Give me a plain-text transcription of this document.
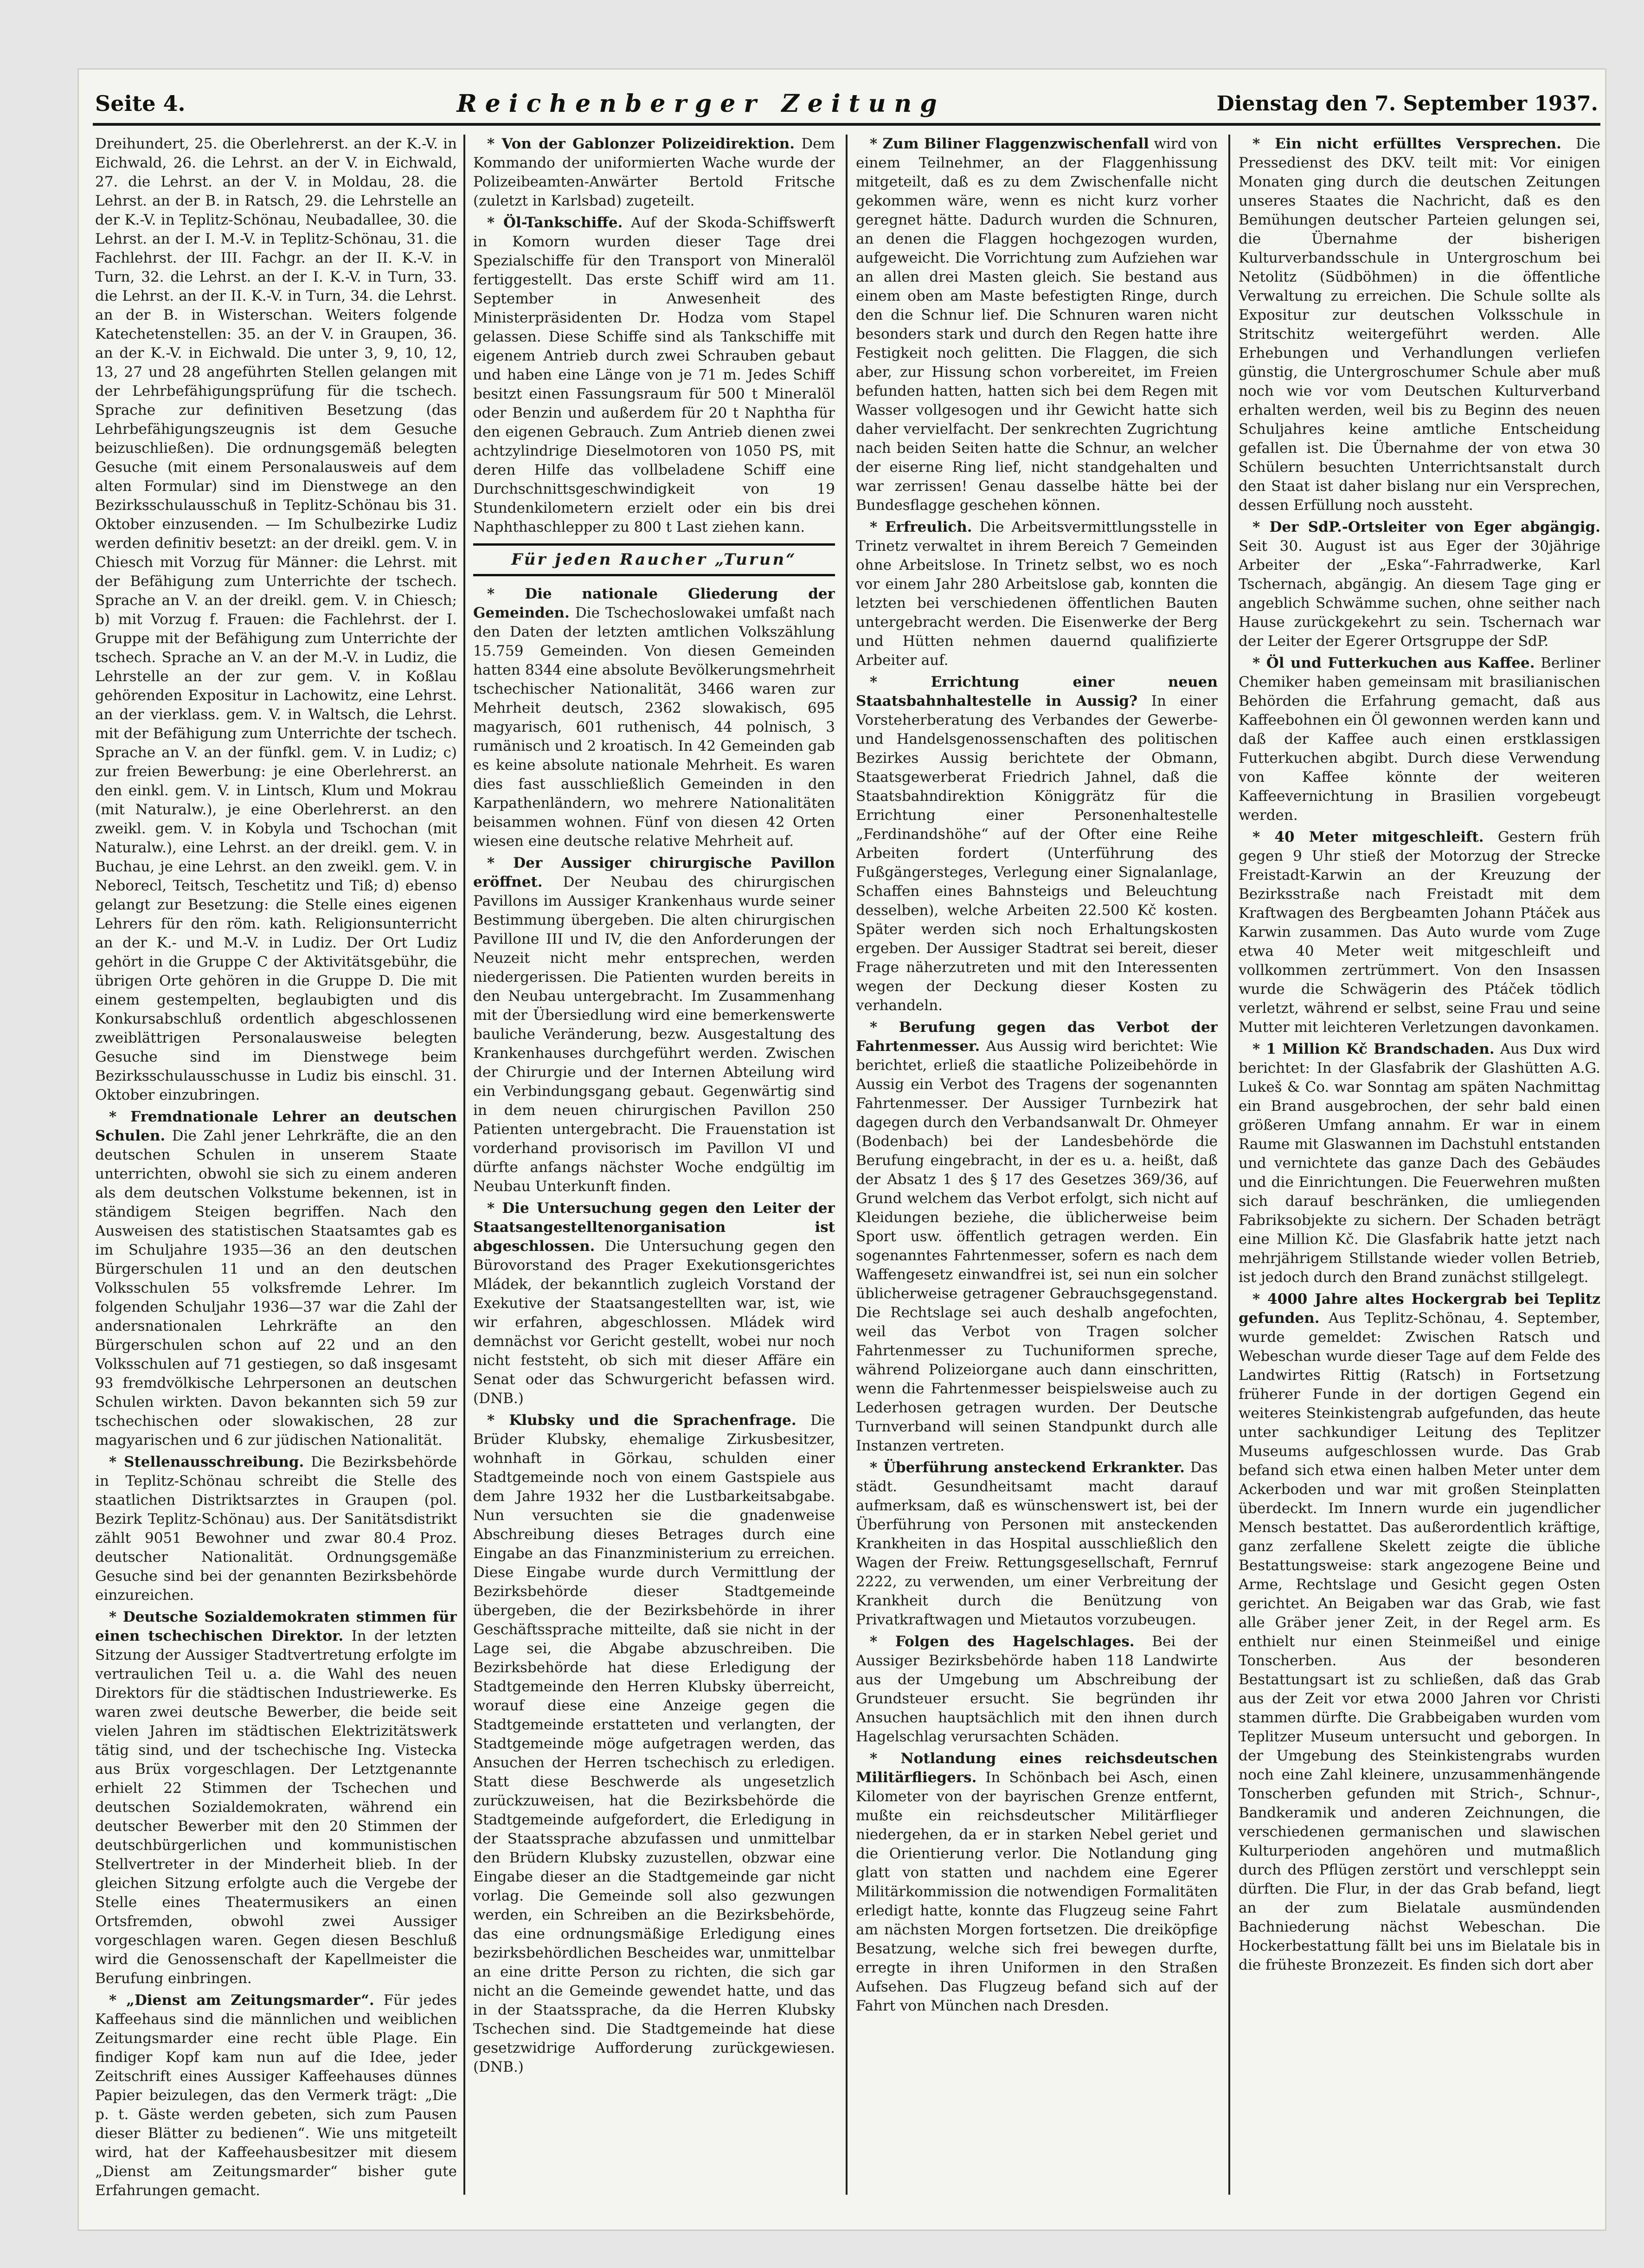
Seite 4.	Reichenberger Zeitung	Dienstag den 7. September 1937.

Dreihundert, 25. die Oberlehrerst. an der K.-V. in Eichwald, 26. die Lehrst. an der V. in Eichwald, 27. die Lehrst. an der V. in Moldau, 28. die Lehrst. an der B. in Ratsch, 29. die Lehrstelle an der K.-V. in Teplitz-Schönau, Neubadallee, 30. die Lehrst. an der I. M.-V. in Teplitz-Schönau, 31. die Fachlehrst. der III. Fachgr. an der II. K.-V. in Turn, 32. die Lehrst. an der I. K.-V. in Turn, 33. die Lehrst. an der II. K.-V. in Turn, 34. die Lehrst. an der B. in Wisterschan. Weiters folgende Katechetenstellen: 35. an der V. in Graupen, 36. an der K.-V. in Eichwald. Die unter 3, 9, 10, 12, 13, 27 und 28 angeführten Stellen gelangen mit der Lehrbefähigungsprüfung für die tschech. Sprache zur definitiven Besetzung (das Lehrbefähigungszeugnis ist dem Gesuche beizuschließen). Die ordnungsgemäß belegten Gesuche (mit einem Personalausweis auf dem alten Formular) sind im Dienstwege an den Bezirksschulausschuß in Teplitz-Schönau bis 31. Oktober einzusenden. — Im Schulbezirke Ludiz werden definitiv besetzt: an der dreikl. gem. V. in Chiesch mit Vorzug für Männer: die Lehrst. mit der Befähigung zum Unterrichte der tschech. Sprache an V. an der dreikl. gem. V. in Chiesch; b) mit Vorzug f. Frauen: die Fachlehrst. der I. Gruppe mit der Befähigung zum Unterrichte der tschech. Sprache an V. an der M.-V. in Ludiz, die Lehrstelle an der zur gem. V. in Koßlau gehörenden Expositur in Lachowitz, eine Lehrst. an der vierklass. gem. V. in Waltsch, die Lehrst. mit der Befähigung zum Unterrichte der tschech. Sprache an V. an der fünfkl. gem. V. in Ludiz; c) zur freien Bewerbung: je eine Oberlehrerst. an den einkl. gem. V. in Lintsch, Klum und Mokrau (mit Naturalw.), je eine Oberlehrerst. an den zweikl. gem. V. in Kobyla und Tschochan (mit Naturalw.), eine Lehrst. an der dreikl. gem. V. in Buchau, je eine Lehrst. an den zweikl. gem. V. in Neborecl, Teitsch, Teschetitz und Tiß; d) ebenso gelangt zur Besetzung: die Stelle eines eigenen Lehrers für den röm. kath. Religionsunterricht an der K.- und M.-V. in Ludiz. Der Ort Ludiz gehört in die Gruppe C der Aktivitätsgebühr, die übrigen Orte gehören in die Gruppe D. Die mit einem gestempelten, beglaubigten und dis Konkursabschluß ordentlich abgeschlossenen zweiblättrigen Personalausweise belegten Gesuche sind im Dienstwege beim Bezirksschulausschusse in Ludiz bis einschl. 31. Oktober einzubringen.

* Fremdnationale Lehrer an deutschen Schulen. Die Zahl jener Lehrkräfte, die an den deutschen Schulen in unserem Staate unterrichten, obwohl sie sich zu einem anderen als dem deutschen Volkstume bekennen, ist in ständigem Steigen begriffen. Nach den Ausweisen des statistischen Staatsamtes gab es im Schuljahre 1935—36 an den deutschen Bürgerschulen 11 und an den deutschen Volksschulen 55 volksfremde Lehrer. Im folgenden Schuljahr 1936—37 war die Zahl der andersnationalen Lehrkräfte an den Bürgerschulen schon auf 22 und an den Volksschulen auf 71 gestiegen, so daß insgesamt 93 fremdvölkische Lehrpersonen an deutschen Schulen wirkten. Davon bekannten sich 59 zur tschechischen oder slowakischen, 28 zur magyarischen und 6 zur jüdischen Nationalität.

* Stellenausschreibung. Die Bezirksbehörde in Teplitz-Schönau schreibt die Stelle des staatlichen Distriktsarztes in Graupen (pol. Bezirk Teplitz-Schönau) aus. Der Sanitätsdistrikt zählt 9051 Bewohner und zwar 80.4 Proz. deutscher Nationalität. Ordnungsgemäße Gesuche sind bei der genannten Bezirksbehörde einzureichen.

* Deutsche Sozialdemokraten stimmen für einen tschechischen Direktor. In der letzten Sitzung der Aussiger Stadtvertretung erfolgte im vertraulichen Teil u. a. die Wahl des neuen Direktors für die städtischen Industriewerke. Es waren zwei deutsche Bewerber, die beide seit vielen Jahren im städtischen Elektrizitätswerk tätig sind, und der tschechische Ing. Vistecka aus Brüx vorgeschlagen. Der Letztgenannte erhielt 22 Stimmen der Tschechen und deutschen Sozialdemokraten, während ein deutscher Bewerber mit den 20 Stimmen der deutschbürgerlichen und kommunistischen Stellvertreter in der Minderheit blieb. In der gleichen Sitzung erfolgte auch die Vergebe der Stelle eines Theatermusikers an einen Ortsfremden, obwohl zwei Aussiger vorgeschlagen waren. Gegen diesen Beschluß wird die Genossenschaft der Kapellmeister die Berufung einbringen.

* „Dienst am Zeitungsmarder“. Für jedes Kaffeehaus sind die männlichen und weiblichen Zeitungsmarder eine recht üble Plage. Ein findiger Kopf kam nun auf die Idee, jeder Zeitschrift eines Aussiger Kaffeehauses dünnes Papier beizulegen, das den Vermerk trägt: „Die p. t. Gäste werden gebeten, sich zum Pausen dieser Blätter zu bedienen“. Wie uns mitgeteilt wird, hat der Kaffeehausbesitzer mit diesem „Dienst am Zeitungsmarder“ bisher gute Erfahrungen gemacht.

* Von der Gablonzer Polizeidirektion. Dem Kommando der uniformierten Wache wurde der Polizeibeamten-Anwärter Bertold Fritsche (zuletzt in Karlsbad) zugeteilt.

* Öl-Tankschiffe. Auf der Skoda-Schiffswerft in Komorn wurden dieser Tage drei Spezialschiffe für den Transport von Mineralöl fertiggestellt. Das erste Schiff wird am 11. September in Anwesenheit des Ministerpräsidenten Dr. Hodza vom Stapel gelassen. Diese Schiffe sind als Tankschiffe mit eigenem Antrieb durch zwei Schrauben gebaut und haben eine Länge von je 71 m. Jedes Schiff besitzt einen Fassungsraum für 500 t Mineralöl oder Benzin und außerdem für 20 t Naphtha für den eigenen Gebrauch. Zum Antrieb dienen zwei achtzylindrige Dieselmotoren von 1050 PS, mit deren Hilfe das vollbeladene Schiff eine Durchschnittsgeschwindigkeit von 19 Stundenkilometern erzielt oder ein bis drei Naphthaschlepper zu 800 t Last ziehen kann.

Für jeden Raucher „Turun“

* Die nationale Gliederung der Gemeinden. Die Tschechoslowakei umfaßt nach den Daten der letzten amtlichen Volkszählung 15.759 Gemeinden. Von diesen Gemeinden hatten 8344 eine absolute Bevölkerungsmehrheit tschechischer Nationalität, 3466 waren zur Mehrheit deutsch, 2362 slowakisch, 695 magyarisch, 601 ruthenisch, 44 polnisch, 3 rumänisch und 2 kroatisch. In 42 Gemeinden gab es keine absolute nationale Mehrheit. Es waren dies fast ausschließlich Gemeinden in den Karpathenländern, wo mehrere Nationalitäten beisammen wohnen. Fünf von diesen 42 Orten wiesen eine deutsche relative Mehrheit auf.

* Der Aussiger chirurgische Pavillon eröffnet. Der Neubau des chirurgischen Pavillons im Aussiger Krankenhaus wurde seiner Bestimmung übergeben. Die alten chirurgischen Pavillone III und IV, die den Anforderungen der Neuzeit nicht mehr entsprechen, werden niedergerissen. Die Patienten wurden bereits in den Neubau untergebracht. Im Zusammenhang mit der Übersiedlung wird eine bemerkenswerte bauliche Veränderung, bezw. Ausgestaltung des Krankenhauses durchgeführt werden. Zwischen der Chirurgie und der Internen Abteilung wird ein Verbindungsgang gebaut. Gegenwärtig sind in dem neuen chirurgischen Pavillon 250 Patienten untergebracht. Die Frauenstation ist vorderhand provisorisch im Pavillon VI und dürfte anfangs nächster Woche endgültig im Neubau Unterkunft finden.

* Die Untersuchung gegen den Leiter der Staatsangestelltenorganisation ist abgeschlossen. Die Untersuchung gegen den Bürovorstand des Prager Exekutionsgerichtes Mládek, der bekanntlich zugleich Vorstand der Exekutive der Staatsangestellten war, ist, wie wir erfahren, abgeschlossen. Mládek wird demnächst vor Gericht gestellt, wobei nur noch nicht feststeht, ob sich mit dieser Affäre ein Senat oder das Schwurgericht befassen wird. (DNB.)

* Klubsky und die Sprachenfrage. Die Brüder Klubsky, ehemalige Zirkusbesitzer, wohnhaft in Görkau, schulden einer Stadtgemeinde noch von einem Gastspiele aus dem Jahre 1932 her die Lustbarkeitsabgabe. Nun versuchten sie die gnadenweise Abschreibung dieses Betrages durch eine Eingabe an das Finanzministerium zu erreichen. Diese Eingabe wurde durch Vermittlung der Bezirksbehörde dieser Stadtgemeinde übergeben, die der Bezirksbehörde in ihrer Geschäftssprache mitteilte, daß sie nicht in der Lage sei, die Abgabe abzuschreiben. Die Bezirksbehörde hat diese Erledigung der Stadtgemeinde den Herren Klubsky überreicht, worauf diese eine Anzeige gegen die Stadtgemeinde erstatteten und verlangten, der Stadtgemeinde möge aufgetragen werden, das Ansuchen der Herren tschechisch zu erledigen. Statt diese Beschwerde als ungesetzlich zurückzuweisen, hat die Bezirksbehörde die Stadtgemeinde aufgefordert, die Erledigung in der Staatssprache abzufassen und unmittelbar den Brüdern Klubsky zuzustellen, obzwar eine Eingabe dieser an die Stadtgemeinde gar nicht vorlag. Die Gemeinde soll also gezwungen werden, ein Schreiben an die Bezirksbehörde, das eine ordnungsmäßige Erledigung eines bezirksbehördlichen Bescheides war, unmittelbar an eine dritte Person zu richten, die sich gar nicht an die Gemeinde gewendet hatte, und das in der Staatssprache, da die Herren Klubsky Tschechen sind. Die Stadtgemeinde hat diese gesetzwidrige Aufforderung zurückgewiesen. (DNB.)

* Zum Biliner Flaggenzwischenfall wird von einem Teilnehmer, an der Flaggenhissung mitgeteilt, daß es zu dem Zwischenfalle nicht gekommen wäre, wenn es nicht kurz vorher geregnet hätte. Dadurch wurden die Schnuren, an denen die Flaggen hochgezogen wurden, aufgeweicht. Die Vorrichtung zum Aufziehen war an allen drei Masten gleich. Sie bestand aus einem oben am Maste befestigten Ringe, durch den die Schnur lief. Die Schnuren waren nicht besonders stark und durch den Regen hatte ihre Festigkeit noch gelitten. Die Flaggen, die sich aber, zur Hissung schon vorbereitet, im Freien befunden hatten, hatten sich bei dem Regen mit Wasser vollgesogen und ihr Gewicht hatte sich daher vervielfacht. Der senkrechten Zugrichtung nach beiden Seiten hatte die Schnur, an welcher der eiserne Ring lief, nicht standgehalten und war zerrissen! Genau dasselbe hätte bei der Bundesflagge geschehen können.

* Erfreulich. Die Arbeitsvermittlungsstelle in Trinetz verwaltet in ihrem Bereich 7 Gemeinden ohne Arbeitslose. In Trinetz selbst, wo es noch vor einem Jahr 280 Arbeitslose gab, konnten die letzten bei verschiedenen öffentlichen Bauten untergebracht werden. Die Eisenwerke der Berg und Hütten nehmen dauernd qualifizierte Arbeiter auf.

* Errichtung einer neuen Staatsbahnhaltestelle in Aussig? In einer Vorsteherberatung des Verbandes der Gewerbe- und Handelsgenossenschaften des politischen Bezirkes Aussig berichtete der Obmann, Staatsgewerberat Friedrich Jahnel, daß die Staatsbahndirektion Königgrätz für die Errichtung einer Personenhaltestelle „Ferdinandshöhe“ auf der Ofter eine Reihe Arbeiten fordert (Unterführung des Fußgängersteges, Verlegung einer Signalanlage, Schaffen eines Bahnsteigs und Beleuchtung desselben), welche Arbeiten 22.500 Kč kosten. Später werden sich noch Erhaltungskosten ergeben. Der Aussiger Stadtrat sei bereit, dieser Frage näherzutreten und mit den Interessenten wegen der Deckung dieser Kosten zu verhandeln.

* Berufung gegen das Verbot der Fahrtenmesser. Aus Aussig wird berichtet: Wie berichtet, erließ die staatliche Polizeibehörde in Aussig ein Verbot des Tragens der sogenannten Fahrtenmesser. Der Aussiger Turnbezirk hat dagegen durch den Verbandsanwalt Dr. Ohmeyer (Bodenbach) bei der Landesbehörde die Berufung eingebracht, in der es u. a. heißt, daß der Absatz 1 des § 17 des Gesetzes 369/36, auf Grund welchem das Verbot erfolgt, sich nicht auf Kleidungen beziehe, die üblicherweise beim Sport usw. öffentlich getragen werden. Ein sogenanntes Fahrtenmesser, sofern es nach dem Waffengesetz einwandfrei ist, sei nun ein solcher üblicherweise getragener Gebrauchsgegenstand. Die Rechtslage sei auch deshalb angefochten, weil das Verbot von Tragen solcher Fahrtenmesser zu Tuchuniformen spreche, während Polizeiorgane auch dann einschritten, wenn die Fahrtenmesser beispielsweise auch zu Lederhosen getragen wurden. Der Deutsche Turnverband will seinen Standpunkt durch alle Instanzen vertreten.

* Überführung ansteckend Erkrankter. Das städt. Gesundheitsamt macht darauf aufmerksam, daß es wünschenswert ist, bei der Überführung von Personen mit ansteckenden Krankheiten in das Hospital ausschließlich den Wagen der Freiw. Rettungsgesellschaft, Fernruf 2222, zu verwenden, um einer Verbreitung der Krankheit durch die Benützung von Privatkraftwagen und Mietautos vorzubeugen.

* Folgen des Hagelschlages. Bei der Aussiger Bezirksbehörde haben 118 Landwirte aus der Umgebung um Abschreibung der Grundsteuer ersucht. Sie begründen ihr Ansuchen hauptsächlich mit den ihnen durch Hagelschlag verursachten Schäden.

* Notlandung eines reichsdeutschen Militärfliegers. In Schönbach bei Asch, einen Kilometer von der bayrischen Grenze entfernt, mußte ein reichsdeutscher Militärflieger niedergehen, da er in starken Nebel geriet und die Orientierung verlor. Die Notlandung ging glatt von statten und nachdem eine Egerer Militärkommission die notwendigen Formalitäten erledigt hatte, konnte das Flugzeug seine Fahrt am nächsten Morgen fortsetzen. Die dreiköpfige Besatzung, welche sich frei bewegen durfte, erregte in ihren Uniformen in den Straßen Aufsehen. Das Flugzeug befand sich auf der Fahrt von München nach Dresden.

* Ein nicht erfülltes Versprechen. Die Pressedienst des DKV. teilt mit: Vor einigen Monaten ging durch die deutschen Zeitungen unseres Staates die Nachricht, daß es den Bemühungen deutscher Parteien gelungen sei, die Übernahme der bisherigen Kulturverbandsschule in Untergroschum bei Netolitz (Südböhmen) in die öffentliche Verwaltung zu erreichen. Die Schule sollte als Expositur zur deutschen Volksschule in Stritschitz weitergeführt werden. Alle Erhebungen und Verhandlungen verliefen günstig, die Untergroschumer Schule aber muß noch wie vor vom Deutschen Kulturverband erhalten werden, weil bis zu Beginn des neuen Schuljahres keine amtliche Entscheidung gefallen ist. Die Übernahme der von etwa 30 Schülern besuchten Unterrichtsanstalt durch den Staat ist daher bislang nur ein Versprechen, dessen Erfüllung noch aussteht.

* Der SdP.-Ortsleiter von Eger abgängig. Seit 30. August ist aus Eger der 30jährige Arbeiter der „Eska“-Fahrradwerke, Karl Tschernach, abgängig. An diesem Tage ging er angeblich Schwämme suchen, ohne seither nach Hause zurückgekehrt zu sein. Tschernach war der Leiter der Egerer Ortsgruppe der SdP.

* Öl und Futterkuchen aus Kaffee. Berliner Chemiker haben gemeinsam mit brasilianischen Behörden die Erfahrung gemacht, daß aus Kaffeebohnen ein Öl gewonnen werden kann und daß der Kaffee auch einen erstklassigen Futterkuchen abgibt. Durch diese Verwendung von Kaffee könnte der weiteren Kaffeevernichtung in Brasilien vorgebeugt werden.

* 40 Meter mitgeschleift. Gestern früh gegen 9 Uhr stieß der Motorzug der Strecke Freistadt-Karwin an der Kreuzung der Bezirksstraße nach Freistadt mit dem Kraftwagen des Bergbeamten Johann Ptáček aus Karwin zusammen. Das Auto wurde vom Zuge etwa 40 Meter weit mitgeschleift und vollkommen zertrümmert. Von den Insassen wurde die Schwägerin des Ptáček tödlich verletzt, während er selbst, seine Frau und seine Mutter mit leichteren Verletzungen davonkamen.

* 1 Million Kč Brandschaden. Aus Dux wird berichtet: In der Glasfabrik der Glashütten A.G. Lukeš & Co. war Sonntag am späten Nachmittag ein Brand ausgebrochen, der sehr bald einen größeren Umfang annahm. Er war in einem Raume mit Glaswannen im Dachstuhl entstanden und vernichtete das ganze Dach des Gebäudes und die Einrichtungen. Die Feuerwehren mußten sich darauf beschränken, die umliegenden Fabriksobjekte zu sichern. Der Schaden beträgt eine Million Kč. Die Glasfabrik hatte jetzt nach mehrjährigem Stillstande wieder vollen Betrieb, ist jedoch durch den Brand zunächst stillgelegt.

* 4000 Jahre altes Hockergrab bei Teplitz gefunden. Aus Teplitz-Schönau, 4. September, wurde gemeldet: Zwischen Ratsch und Webeschan wurde dieser Tage auf dem Felde des Landwirtes Rittig (Ratsch) in Fortsetzung früherer Funde in der dortigen Gegend ein weiteres Steinkistengrab aufgefunden, das heute unter sachkundiger Leitung des Teplitzer Museums aufgeschlossen wurde. Das Grab befand sich etwa einen halben Meter unter dem Ackerboden und war mit großen Steinplatten überdeckt. Im Innern wurde ein jugendlicher Mensch bestattet. Das außerordentlich kräftige, ganz zerfallene Skelett zeigte die übliche Bestattungsweise: stark angezogene Beine und Arme, Rechtslage und Gesicht gegen Osten gerichtet. An Beigaben war das Grab, wie fast alle Gräber jener Zeit, in der Regel arm. Es enthielt nur einen Steinmeißel und einige Tonscherben. Aus der besonderen Bestattungsart ist zu schließen, daß das Grab aus der Zeit vor etwa 2000 Jahren vor Christi stammen dürfte. Die Grabbeigaben wurden vom Teplitzer Museum untersucht und geborgen. In der Umgebung des Steinkistengrabs wurden noch eine Zahl kleinere, unzusammenhängende Tonscherben gefunden mit Strich-, Schnur-, Bandkeramik und anderen Zeichnungen, die verschiedenen germanischen und slawischen Kulturperioden angehören und mutmaßlich durch des Pflügen zerstört und verschleppt sein dürften. Die Flur, in der das Grab befand, liegt an der zum Bielatale ausmündenden Bachniederung nächst Webeschan. Die Hockerbestattung fällt bei uns im Bielatale bis in die früheste Bronzezeit. Es finden sich dort aber
